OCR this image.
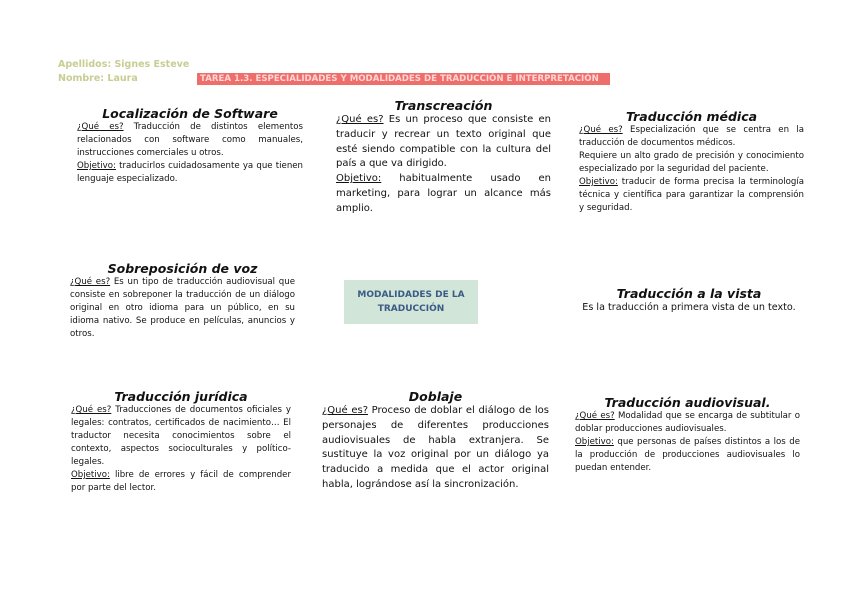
Apellidos: Signes Esteve
Nombre: Laura	TAREA 1.3. ESPECIALIDADES Y MODALIDADES DE TRADUCCIÓN E INTERPRETACIÓN
MODALIDADES DE LA TRADUCCIÓN
Localización de Software

¿Qué es? Traducción de distintos elementos relacionados con software como manuales, instrucciones comerciales u otros.

Objetivo: traducirlos cuidadosamente ya que tienen lenguaje especializado.

Transcreación

¿Qué es? Es un proceso que consiste en traducir y recrear un texto original que esté siendo compatible con la cultura del país a que va dirigido.

Objetivo: habitualmente usado en marketing, para lograr un alcance más amplio.

Traducción médica

¿Qué es? Especialización que se centra en la traducción de documentos médicos.

Requiere un alto grado de precisión y conocimiento especializado por la seguridad del paciente.

Objetivo: traducir de forma precisa la terminología técnica y científica para garantizar la comprensión y seguridad.

Sobreposición de voz

¿Qué es? Es un tipo de traducción audiovisual que consiste en sobreponer la traducción de un diálogo original en otro idioma para un público, en su idioma nativo. Se produce en películas, anuncios y otros.

Traducción a la vista

Es la traducción a primera vista de un texto.

Traducción jurídica

¿Qué es? Traducciones de documentos oficiales y legales: contratos, certificados de nacimiento… El traductor necesita conocimientos sobre el contexto, aspectos socioculturales y político-legales.

Objetivo: libre de errores y fácil de comprender por parte del lector.

Doblaje

¿Qué es? Proceso de doblar el diálogo de los personajes de diferentes producciones audiovisuales de habla extranjera. Se sustituye la voz original por un diálogo ya traducido a medida que el actor original habla, lográndose así la sincronización.

Traducción audiovisual.

¿Qué es? Modalidad que se encarga de subtitular o doblar producciones audiovisuales.

Objetivo: que personas de países distintos a los de la producción de producciones audiovisuales lo puedan entender.
